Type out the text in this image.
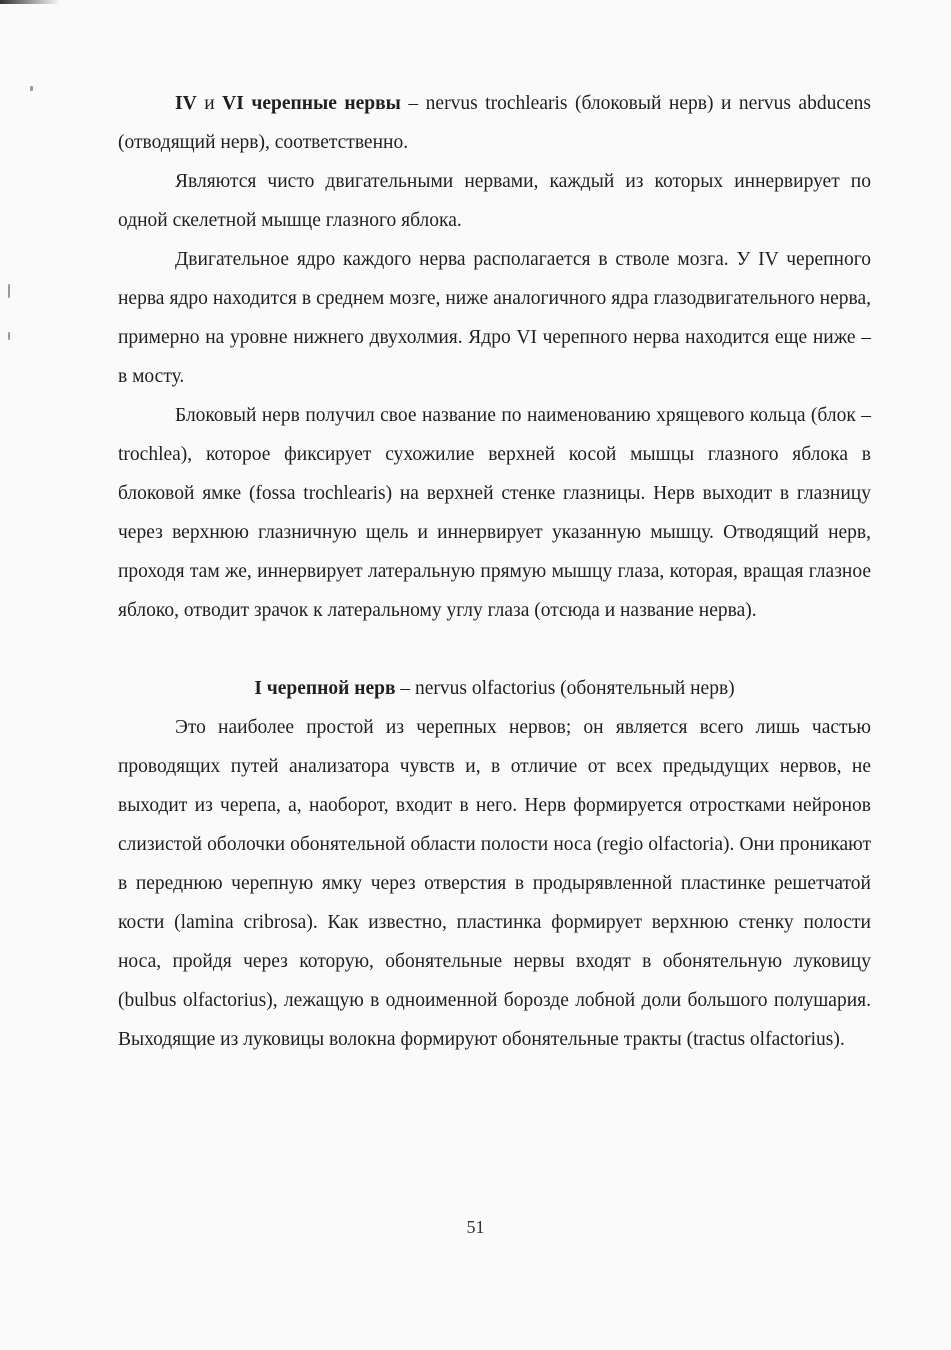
IV и VI черепные нервы – nervus trochlearis (блоковый нерв) и nervus abducens (отводящий нерв), соответственно.

Являются чисто двигательными нервами, каждый из которых иннервирует по одной скелетной мышце глазного яблока.

Двигательное ядро каждого нерва располагается в стволе мозга. У IV черепного нерва ядро находится в среднем мозге, ниже аналогичного ядра глазодвигательного нерва, примерно на уровне нижнего двухолмия. Ядро VI черепного нерва находится еще ниже – в мосту.

Блоковый нерв получил свое название по наименованию хрящевого кольца (блок – trochlea), которое фиксирует сухожилие верхней косой мышцы глазного яблока в блоковой ямке (fossa trochlearis) на верхней стенке глазницы. Нерв выходит в глазницу через верхнюю глазничную щель и иннервирует указанную мышцу. Отводящий нерв, проходя там же, иннервирует латеральную прямую мышцу глаза, которая, вращая глазное яблоко, отводит зрачок к латеральному углу глаза (отсюда и название нерва).

I черепной нерв – nervus olfactorius (обонятельный нерв)

Это наиболее простой из черепных нервов; он является всего лишь частью проводящих путей анализатора чувств и, в отличие от всех предыдущих нервов, не выходит из черепа, а, наоборот, входит в него. Нерв формируется отростками нейронов слизистой оболочки обонятельной области полости носа (regio olfactoria). Они проникают в переднюю черепную ямку через отверстия в продырявленной пластинке решетчатой кости (lamina cribrosa). Как известно, пластинка формирует верхнюю стенку полости носа, пройдя через которую, обонятельные нервы входят в обонятельную луковицу (bulbus olfactorius), лежащую в одноименной борозде лобной доли большого полушария. Выходящие из луковицы волокна формируют обонятельные тракты (tractus olfactorius).

51
